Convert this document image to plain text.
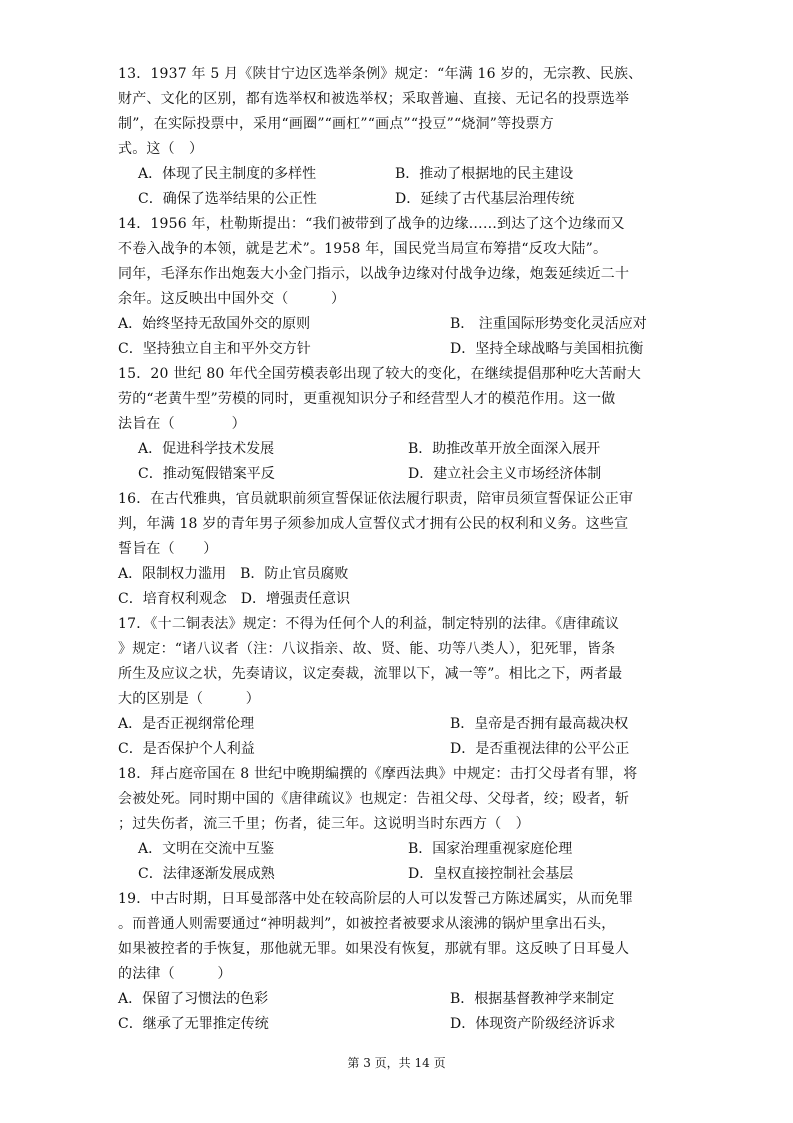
13．1937 年 5 月《陕甘宁边区选举条例》规定：“年满 16 岁的，无宗教、民族、
财产、文化的区别，都有选举权和被选举权；采取普遍、直接、无记名的投票选举
制”，在实际投票中，采用“画圈”“画杠”“画点”“投豆”“烧洞”等投票方
式。这（　）
A．体现了民主制度的多样性	B．推动了根据地的民主建设
C．确保了选举结果的公正性	D．延续了古代基层治理传统
14．1956 年，杜勒斯提出：“我们被带到了战争的边缘……到达了这个边缘而又
不卷入战争的本领，就是艺术”。1958 年，国民党当局宣布筹措“反攻大陆”。
同年，毛泽东作出炮轰大小金门指示，以战争边缘对付战争边缘，炮轰延续近二十
余年。这反映出中国外交（　　　）
A．始终坚持无敌国外交的原则	B． 注重国际形势变化灵活应对
C．坚持独立自主和平外交方针	D．坚持全球战略与美国相抗衡
15．20 世纪 80 年代全国劳模表彰出现了较大的变化，在继续提倡那种吃大苦耐大
劳的“老黄牛型”劳模的同时，更重视知识分子和经营型人才的模范作用。这一做
法旨在（　　　　）
A．促进科学技术发展	B．助推改革开放全面深入展开
C．推动冤假错案平反	D．建立社会主义市场经济体制
16．在古代雅典，官员就职前须宣誓保证依法履行职责，陪审员须宣誓保证公正审
判，年满 18 岁的青年男子须参加成人宣誓仪式才拥有公民的权利和义务。这些宣
誓旨在（　　）
A．限制权力滥用 B．防止官员腐败
C．培育权利观念 D．增强责任意识
17．《十二铜表法》规定：不得为任何个人的利益，制定特别的法律。《唐律疏议
》规定：“诸八议者（注：八议指亲、故、贤、能、功等八类人），犯死罪，皆条
所生及应议之状，先奏请议，议定奏裁，流罪以下，减一等”。相比之下，两者最
大的区别是（　　　）
A．是否正视纲常伦理	B．皇帝是否拥有最高裁决权
C．是否保护个人利益	D．是否重视法律的公平公正
18．拜占庭帝国在 8 世纪中晚期编撰的《摩西法典》中规定：击打父母者有罪，将
会被处死。同时期中国的《唐律疏议》也规定：告祖父母、父母者，绞；殴者，斩
；过失伤者，流三千里；伤者，徒三年。这说明当时东西方（　）
A．文明在交流中互鉴	B．国家治理重视家庭伦理
C．法律逐渐发展成熟	D．皇权直接控制社会基层
19．中古时期，日耳曼部落中处在较高阶层的人可以发誓己方陈述属实，从而免罪
。而普通人则需要通过“神明裁判”，如被控者被要求从滚沸的锅炉里拿出石头，
如果被控者的手恢复，那他就无罪。如果没有恢复，那就有罪。这反映了日耳曼人
的法律（　　　）
A．保留了习惯法的色彩	B．根据基督教神学来制定
C．继承了无罪推定传统	D．体现资产阶级经济诉求
第 3 页，共 14 页
